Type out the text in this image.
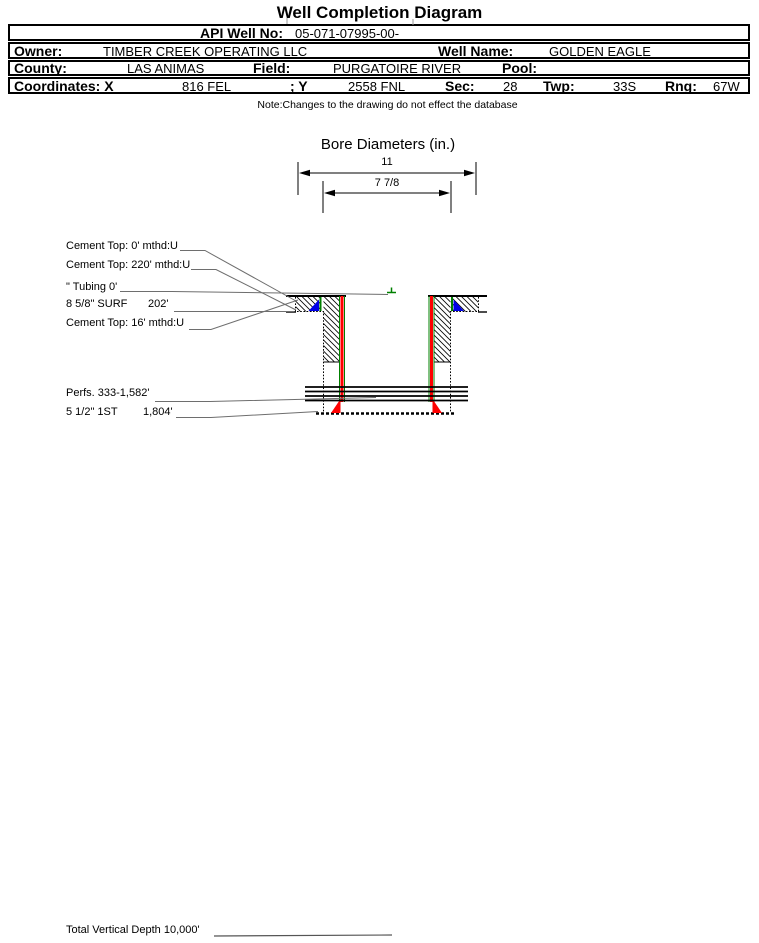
Well Completion Diagram
API Well No: 05-071-07995-00-
Owner:	TIMBER CREEK OPERATING LLC	Well Name:	GOLDEN EAGLE
County:	LAS ANIMAS	Field:	PURGATOIRE RIVER	Pool:
Coordinates: X	816 FEL	; Y	2558 FNL	Sec: 28 Twp:	33S Rng: 67W
Note:Changes to the drawing do not effect the database
Bore Diameters (in.)
11
7 7/8
Cement Top: 0' mthd:U
Cement Top: 220' mthd:U
" Tubing 0'
8 5/8" SURF 202'
Cement Top: 16' mthd:U
Perfs. 333-1,582'
5 1/2" 1ST 1,804'
Total Vertical Depth 10,000'
